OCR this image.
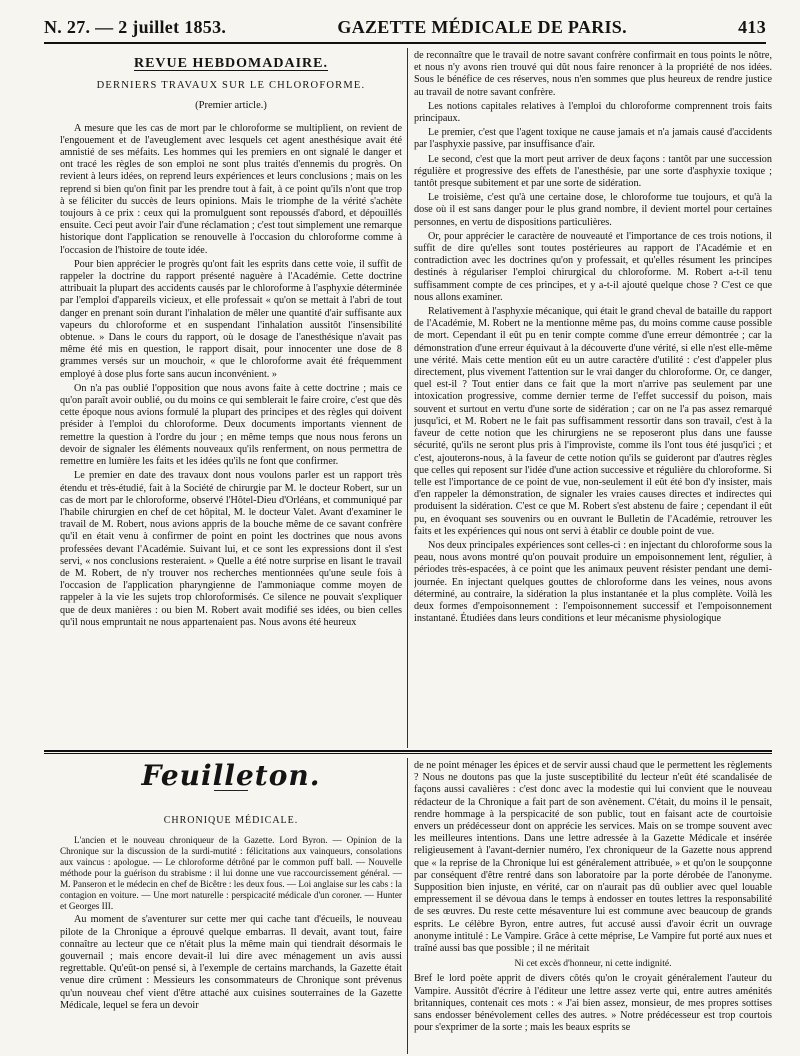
N. 27. — 2 juillet 1853.	GAZETTE MÉDICALE DE PARIS.	413
REVUE HEBDOMADAIRE.
DERNIERS TRAVAUX SUR LE CHLOROFORME.
(Premier article.)

A mesure que les cas de mort par le chloroforme se multiplient, on revient de l'engouement et de l'aveuglement avec lesquels cet agent anesthésique avait été amnistié de ses méfaits. Les hommes qui les premiers en ont signalé le danger et ont tracé les règles de son emploi ne sont plus traités d'ennemis du progrès. On revient à leurs idées, on reprend leurs expériences et leurs conclusions ; mais on les reprend si bien qu'on finit par les prendre tout à fait, à ce point qu'ils n'ont que trop à se féliciter du succès de leurs opinions. Mais le triomphe de la vérité s'achète toujours à ce prix : ceux qui la promulguent sont repoussés d'abord, et dépouillés ensuite. Ceci peut avoir l'air d'une réclamation ; c'est tout simplement une remarque historique dont l'application se renouvelle à l'occasion du chloroforme comme à l'occasion de l'histoire de toute idée.

Pour bien apprécier le progrès qu'ont fait les esprits dans cette voie, il suffit de rappeler la doctrine du rapport présenté naguère à l'Académie. Cette doctrine attribuait la plupart des accidents causés par le chloroforme à l'asphyxie déterminée par l'emploi d'appareils vicieux, et elle professait « qu'on se mettait à l'abri de tout danger en prenant soin durant l'inhalation de mêler une quantité d'air suffisante aux vapeurs du chloroforme et en suspendant l'inhalation aussitôt l'insensibilité obtenue. » Dans le cours du rapport, où le dosage de l'anesthésique n'avait pas même été mis en question, le rapport disait, pour innocenter une dose de 8 grammes versés sur un mouchoir, « que le chloroforme avait été fréquemment employé à dose plus forte sans aucun inconvénient. »

On n'a pas oublié l'opposition que nous avons faite à cette doctrine ; mais ce qu'on paraît avoir oublié, ou du moins ce qui semblerait le faire croire, c'est que dès cette époque nous avions formulé la plupart des principes et des règles qui doivent présider à l'emploi du chloroforme. Deux documents importants viennent de remettre la question à l'ordre du jour ; en même temps que nous nous ferons un devoir de signaler les éléments nouveaux qu'ils renferment, on nous permettra de remettre en lumière les faits et les idées qu'ils ne font que confirmer.

Le premier en date des travaux dont nous voulons parler est un rapport très étendu et très-étudié, fait à la Société de chirurgie par M. le docteur Robert, sur un cas de mort par le chloroforme, observé l'Hôtel-Dieu d'Orléans, et communiqué par l'habile chirurgien en chef de cet hôpital, M. le docteur Valet. Avant d'examiner le travail de M. Robert, nous avions appris de la bouche même de ce savant confrère qu'il en était venu à confirmer de point en point les doctrines que nous avons professées devant l'Académie. Suivant lui, et ce sont les expressions dont il s'est servi, « nos conclusions resteraient. » Quelle a été notre surprise en lisant le travail de M. Robert, de n'y trouver nos recherches mentionnées qu'une seule fois à l'occasion de l'application pharyngienne de l'ammoniaque comme moyen de rappeler à la vie les sujets trop chloroformisés. Ce silence ne pouvait s'expliquer que de deux manières : ou bien M. Robert avait modifié ses idées, ou bien celles qu'il nous empruntait ne nous appartenaient pas. Nous avons été heureux

de reconnaître que le travail de notre savant confrère confirmait en tous points le nôtre, et nous n'y avons rien trouvé qui dût nous faire renoncer à la propriété de nos idées. Sous le bénéfice de ces réserves, nous n'en sommes que plus heureux de rendre justice au travail de notre savant confrère.

Les notions capitales relatives à l'emploi du chloroforme comprennent trois faits principaux.

Le premier, c'est que l'agent toxique ne cause jamais et n'a jamais causé d'accidents par l'asphyxie passive, par insuffisance d'air.

Le second, c'est que la mort peut arriver de deux façons : tantôt par une succession régulière et progressive des effets de l'anesthésie, par une sorte d'asphyxie toxique ; tantôt presque subitement et par une sorte de sidération.

Le troisième, c'est qu'à une certaine dose, le chloroforme tue toujours, et qu'à la dose où il est sans danger pour le plus grand nombre, il devient mortel pour certaines personnes, en vertu de dispositions particulières.

Or, pour apprécier le caractère de nouveauté et l'importance de ces trois notions, il suffit de dire qu'elles sont toutes postérieures au rapport de l'Académie et en contradiction avec les doctrines qu'on y professait, et qu'elles résument les principes destinés à régulariser l'emploi chirurgical du chloroforme. M. Robert a-t-il tenu suffisamment compte de ces principes, et y a-t-il ajouté quelque chose ? C'est ce que nous allons examiner.

Relativement à l'asphyxie mécanique, qui était le grand cheval de bataille du rapport de l'Académie, M. Robert ne la mentionne même pas, du moins comme cause possible de mort. Cependant il eût pu en tenir compte comme d'une erreur démontrée ; car la démonstration d'une erreur équivaut à la découverte d'une vérité, si elle n'est elle-même une vérité. Mais cette mention eût eu un autre caractère d'utilité : c'est d'appeler plus directement, plus vivement l'attention sur le vrai danger du chloroforme. Or, ce danger, quel est-il ? Tout entier dans ce fait que la mort n'arrive pas seulement par une intoxication progressive, comme dernier terme de l'effet successif du poison, mais souvent et surtout en vertu d'une sorte de sidération ; car on ne l'a pas assez remarqué jusqu'ici, et M. Robert ne le fait pas suffisamment ressortir dans son travail, c'est à la faveur de cette notion que les chirurgiens ne se reposeront plus dans une fausse sécurité, qu'ils ne seront plus pris à l'improviste, comme ils l'ont tous été jusqu'ici ; et c'est, ajouterons-nous, à la faveur de cette notion qu'ils se guideront par d'autres règles que celles qui reposent sur l'idée d'une action successive et régulière du chloroforme. Si telle est l'importance de ce point de vue, non-seulement il eût été bon d'y insister, mais d'en rappeler la démonstration, de signaler les vraies causes directes et indirectes qui produisent la sidération. C'est ce que M. Robert s'est abstenu de faire ; cependant il eût pu, en évoquant ses souvenirs ou en ouvrant le Bulletin de l'Académie, retrouver les faits et les expériences qui nous ont servi à établir ce double point de vue.

Nos deux principales expériences sont celles-ci : en injectant du chloroforme sous la peau, nous avons montré qu'on pouvait produire un empoisonnement lent, régulier, à périodes très-espacées, à ce point que les animaux peuvent résister pendant une demi-journée. En injectant quelques gouttes de chloroforme dans les veines, nous avons déterminé, au contraire, la sidération la plus instantanée et la plus complète. Voilà les deux formes d'empoisonnement : l'empoisonnement successif et l'empoisonnement instantané. Étudiées dans leurs conditions et leur mécanisme physiologique

Feuilleton.
CHRONIQUE MÉDICALE.

L'ancien et le nouveau chroniqueur de la Gazette. Lord Byron. — Opinion de la Chronique sur la discussion de la surdi-mutité : félicitations aux vainqueurs, consolations aux vaincus : apologue. — Le chloroforme détrôné par le common puff ball. — Nouvelle méthode pour la guérison du strabisme : il lui donne une vue raccourcissement général. — M. Panseron et le médecin en chef de Bicêtre : les deux fous. — Loi anglaise sur les cabs : la contagion en voiture. — Une mort naturelle : perspicacité médicale d'un coroner. — Hunter et Georges III.

Au moment de s'aventurer sur cette mer qui cache tant d'écueils, le nouveau pilote de la Chronique a éprouvé quelque embarras. Il devait, avant tout, faire connaître au lecteur que ce n'était plus la même main qui tiendrait désormais le gouvernail ; mais encore devait-il lui dire avec ménagement un avis aussi regrettable. Qu'eût-on pensé si, à l'exemple de certains marchands, la Gazette était venue dire crûment : Messieurs les consommateurs de Chronique sont prévenus qu'un nouveau chef vient d'être attaché aux cuisines souterraines de la Gazette Médicale, lequel se fera un devoir

de ne point ménager les épices et de servir aussi chaud que le permettent les règlements ? Nous ne doutons pas que la juste susceptibilité du lecteur n'eût été scandalisée de façons aussi cavalières : c'est donc avec la modestie qui lui convient que le nouveau rédacteur de la Chronique a fait part de son avènement. C'était, du moins il le pensait, rendre hommage à la perspicacité de son public, tout en faisant acte de courtoisie envers un prédécesseur dont on apprécie les services. Mais on se trompe souvent avec les meilleures intentions. Dans une lettre adressée à la Gazette Médicale et insérée religieusement à l'avant-dernier numéro, l'ex chroniqueur de la Gazette nous apprend que « la reprise de la Chronique lui est généralement attribuée, » et qu'on le soupçonne par conséquent d'être rentré dans son laboratoire par la porte dérobée de l'anonyme. Supposition bien injuste, en vérité, car on n'aurait pas dû oublier avec quel louable empressement il se dévoua dans le temps à endosser en toutes lettres la responsabilité de ses œuvres. Du reste cette mésaventure lui est commune avec beaucoup de grands esprits. Le célèbre Byron, entre autres, fut accusé aussi d'avoir écrit un ouvrage anonyme intitulé : Le Vampire. Grâce à cette méprise, Le Vampire fut porté aux nues et traîné aussi bas que possible ; il ne méritait

Ni cet excès d'honneur, ni cette indignité.

Bref le lord poète apprit de divers côtés qu'on le croyait généralement l'auteur du Vampire. Aussitôt d'écrire à l'éditeur une lettre assez verte qui, entre autres aménités britanniques, contenait ces mots : « J'ai bien assez, monsieur, de mes propres sottises sans endosser bénévolement celles des autres. » Notre prédécesseur est trop courtois pour s'exprimer de la sorte ; mais les beaux esprits se
